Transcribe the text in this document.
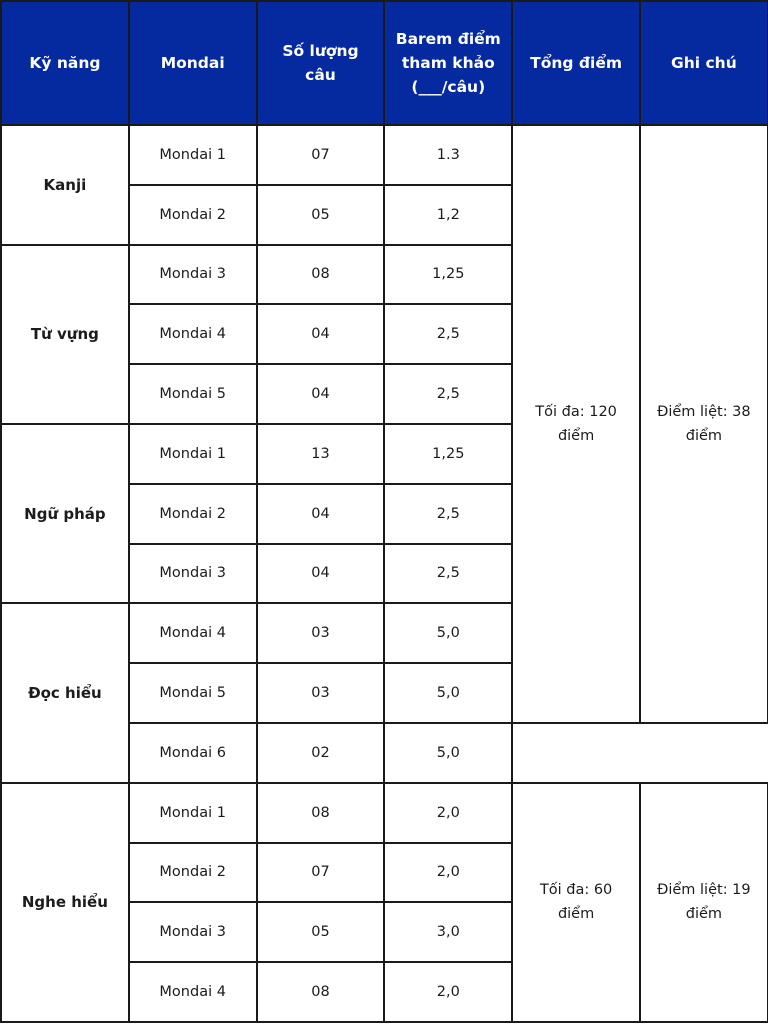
Kỹ năng	Mondai	Số lượng câu	Barem điểm tham khảo (___/câu)	Tổng điểm	Ghi chú
Kanji	Mondai 1	07	1.3	Tối đa: 120 điểm	Điểm liệt: 38 điểm
	Mondai 2	05	1,2		
Từ vựng	Mondai 3	08	1,25		
	Mondai 4	04	2,5		
	Mondai 5	04	2,5		
Ngữ pháp	Mondai 1	13	1,25		
	Mondai 2	04	2,5		
	Mondai 3	04	2,5		
Đọc hiểu	Mondai 4	03	5,0		
	Mondai 5	03	5,0		
	Mondai 6	02	5,0		
Nghe hiểu	Mondai 1	08	2,0	Tối đa: 60 điểm	Điểm liệt: 19 điểm
	Mondai 2	07	2,0		
	Mondai 3	05	3,0		
	Mondai 4	08	2,0		
